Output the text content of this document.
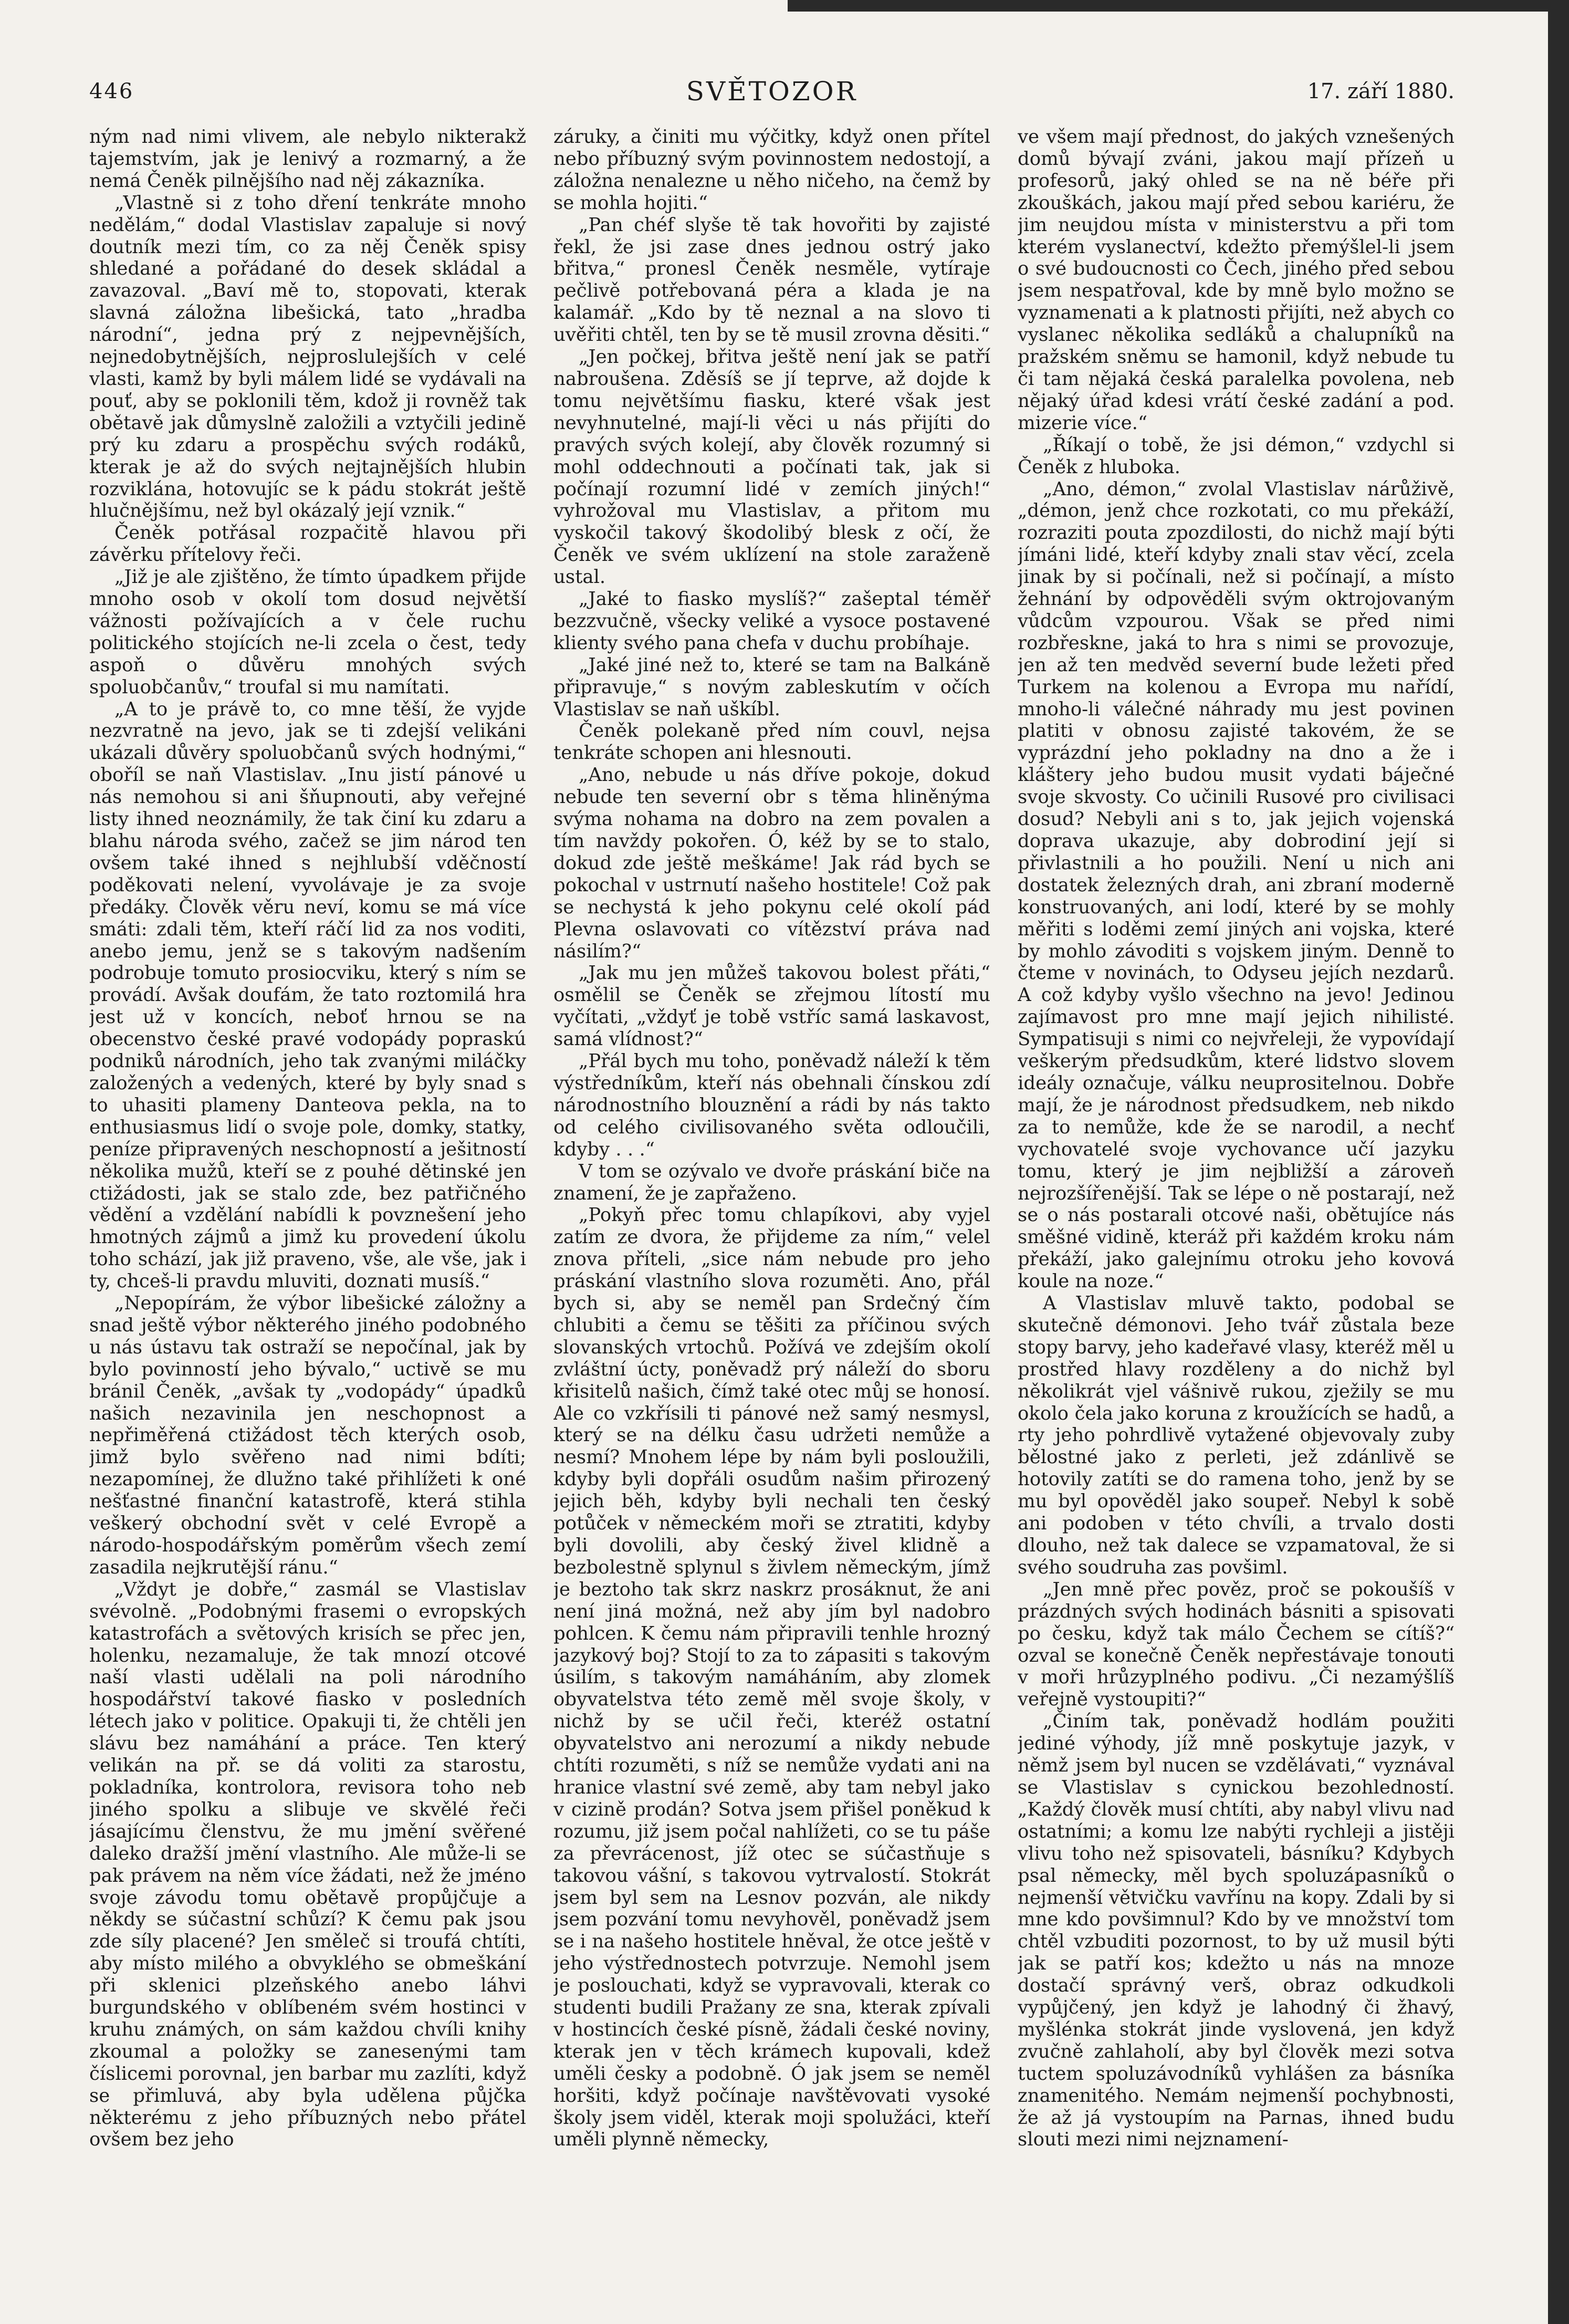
446	SVĚTOZOR	17. září 1880.

ným nad nimi vlivem, ale nebylo nikterakž tajemstvím, jak je lenivý a rozmarný, a že nemá Čeněk pilnějšího nad něj zákazníka.

„Vlastně si z toho dření tenkráte mnoho nedělám,“ dodal Vlastislav zapaluje si nový doutník mezi tím, co za něj Čeněk spisy shledané a pořádané do desek skládal a zavazoval. „Baví mě to, stopovati, kterak slavná záložna libešická, tato „hradba národní“, jedna prý z nejpevnějších, nejnedobytnějších, nejproslulejších v celé vlasti, kamž by byli málem lidé se vydávali na pouť, aby se poklonili těm, kdož ji rovněž tak obětavě jak důmyslně založili a vztyčili jedině prý ku zdaru a prospěchu svých rodáků, kterak je až do svých nejtajnějších hlubin rozviklána, hotovujíc se k pádu stokrát ještě hlučnějšímu, než byl okázalý její vznik.“

Čeněk potřásal rozpačitě hlavou při závěrku přítelovy řeči.

„Již je ale zjištěno, že tímto úpadkem přijde mnoho osob v okolí tom dosud největší vážnosti požívajících a v čele ruchu politického stojících ne-li zcela o čest, tedy aspoň o důvěru mnohých svých spoluobčanův,“ troufal si mu namítati.

„A to je právě to, co mne těší, že vyjde nezvratně na jevo, jak se ti zdejší velikáni ukázali důvěry spoluobčanů svých hodnými,“ oboříl se naň Vlastislav. „Inu jistí pánové u nás nemohou si ani šňupnouti, aby veřejné listy ihned neoznámily, že tak činí ku zdaru a blahu národa svého, začež se jim národ ten ovšem také ihned s nejhlubší vděčností poděkovati nelení, vyvolávaje je za svoje předáky. Člověk věru neví, komu se má více smáti: zdali těm, kteří ráčí lid za nos voditi, anebo jemu, jenž se s takovým nadšením podrobuje tomuto prosiocviku, který s ním se provádí. Avšak doufám, že tato roztomilá hra jest už v koncích, neboť hrnou se na obecenstvo české pravé vodopády popraskú podniků národních, jeho tak zvanými miláčky založených a vedených, které by byly snad s to uhasiti plameny Danteova pekla, na to enthusiasmus lidí o svoje pole, domky, statky, peníze připravených neschopností a ješitností několika mužů, kteří se z pouhé dětinské jen ctižádosti, jak se stalo zde, bez patřičného vědění a vzdělání nabídli k povznešení jeho hmotných zájmů a jimž ku provedení úkolu toho schází, jak již praveno, vše, ale vše, jak i ty, chceš-li pravdu mluviti, doznati musíš.“

„Nepopírám, že výbor libešické záložny a snad ještě výbor některého jiného podobného u nás ústavu tak ostraží se nepočínal, jak by bylo povinností jeho bývalo,“ uctivě se mu bránil Čeněk, „avšak ty „vodopády“ úpadků našich nezavinila jen neschopnost a nepřiměřená ctižádost těch kterých osob, jimž bylo svěřeno nad nimi bdíti; nezapomínej, že dlužno také přihlížeti k oné nešťastné finanční katastrofě, která stihla veškerý obchodní svět v celé Evropě a národo-hospodářským poměrům všech zemí zasadila nejkrutější ránu.“

„Vždyt je dobře,“ zasmál se Vlastislav svévolně. „Podobnými frasemi o evropských katastrofách a světových krisích se přec jen, holenku, nezamaluje, že tak mnozí otcové naší vlasti udělali na poli národního hospodářství takové fiasko v posledních létech jako v politice. Opakuji ti, že chtěli jen slávu bez namáhání a práce. Ten který velikán na př. se dá voliti za starostu, pokladníka, kontrolora, revisora toho neb jiného spolku a slibuje ve skvělé řeči jásajícímu členstvu, že mu jmění svěřené daleko dražší jmění vlastního. Ale může-li se pak právem na něm více žádati, než že jméno svoje závodu tomu obětavě propůjčuje a někdy se súčastní schůzí? K čemu pak jsou zde síly placené? Jen směleč si troufá chtíti, aby místo milého a obvyklého se obmeškání při sklenici plzeňského anebo láhvi burgundského v oblíbeném svém hostinci v kruhu známých, on sám každou chvíli knihy zkoumal a položky se zanesenými tam číslicemi porovnal, jen barbar mu zazlíti, když se přimluvá, aby byla udělena půjčka některému z jeho příbuzných nebo přátel ovšem bez jeho

záruky, a činiti mu výčitky, když onen přítel nebo příbuzný svým povinnostem nedostojí, a záložna nenalezne u něho ničeho, na čemž by se mohla hojiti.“

„Pan chéf slyše tě tak hovořiti by zajisté řekl, že jsi zase dnes jednou ostrý jako břitva,“ pronesl Čeněk nesměle, vytíraje pečlivě potřebovaná péra a klada je na kalamář. „Kdo by tě neznal a na slovo ti uvěřiti chtěl, ten by se tě musil zrovna děsiti.“

„Jen počkej, břitva ještě není jak se patří nabroušena. Zděsíš se jí teprve, až dojde k tomu největšímu fiasku, které však jest nevyhnutelné, mají-li věci u nás přijíti do pravých svých kolejí, aby člověk rozumný si mohl oddechnouti a počínati tak, jak si počínají rozumní lidé v zemích jiných!“ vyhrožoval mu Vlastislav, a přitom mu vyskočil takový škodolibý blesk z očí, že Čeněk ve svém uklízení na stole zaraženě ustal.

„Jaké to fiasko myslíš?“ zašeptal téměř bezzvučně, všecky veliké a vysoce postavené klienty svého pana chefa v duchu probíhaje.

„Jaké jiné než to, které se tam na Balkáně připravuje,“ s novým zableskutím v očích Vlastislav se naň uškíbl.

Čeněk polekaně před ním couvl, nejsa tenkráte schopen ani hlesnouti.

„Ano, nebude u nás dříve pokoje, dokud nebude ten severní obr s těma hliněnýma svýma nohama na dobro na zem povalen a tím navždy pokořen. Ó, kéž by se to stalo, dokud zde ještě meškáme! Jak rád bych se pokochal v ustrnutí našeho hostitele! Což pak se nechystá k jeho pokynu celé okolí pád Plevna oslavovati co vítězství práva nad násilím?“

„Jak mu jen můžeš takovou bolest přáti,“ osmělil se Čeněk se zřejmou lítostí mu vyčítati, „vždyť je tobě vstříc samá laskavost, samá vlídnost?“

„Přál bych mu toho, poněvadž náleží k těm výstředníkům, kteří nás obehnali čínskou zdí národnostního blouznění a rádi by nás takto od celého civilisovaného světa odloučili, kdyby . . .“

V tom se ozývalo ve dvoře práskání biče na znamení, že je zapřaženo.

„Pokyň přec tomu chlapíkovi, aby vyjel zatím ze dvora, že přijdeme za ním,“ velel znova příteli, „sice nám nebude pro jeho práskání vlastního slova rozuměti. Ano, přál bych si, aby se neměl pan Srdečný čím chlubiti a čemu se těšiti za příčinou svých slovanských vrtochů. Požívá ve zdejším okolí zvláštní úcty, poněvadž prý náleží do sboru křisitelů našich, čímž také otec můj se honosí. Ale co vzkřísili ti pánové než samý nesmysl, který se na délku času udržeti nemůže a nesmí? Mnohem lépe by nám byli posloužili, kdyby byli dopřáli osudům našim přirozený jejich běh, kdyby byli nechali ten český potůček v německém moři se ztratiti, kdyby byli dovolili, aby český živel klidně a bezbolestně splynul s živlem německým, jímž je beztoho tak skrz naskrz prosáknut, že ani není jiná možná, než aby jím byl nadobro pohlcen. K čemu nám připravili tenhle hrozný jazykový boj? Stojí to za to zápasiti s takovým úsilím, s takovým namáháním, aby zlomek obyvatelstva této země měl svoje školy, v nichž by se učil řeči, kteréž ostatní obyvatelstvo ani nerozumí a nikdy nebude chtíti rozuměti, s níž se nemůže vydati ani na hranice vlastní své země, aby tam nebyl jako v cizině prodán? Sotva jsem přišel poněkud k rozumu, již jsem počal nahlížeti, co se tu páše za převrácenost, jíž otec se súčastňuje s takovou vášní, s takovou vytrvalostí. Stokrát jsem byl sem na Lesnov pozván, ale nikdy jsem pozvání tomu nevyhověl, poněvadž jsem se i na našeho hostitele hněval, že otce ještě v jeho výstřednostech potvrzuje. Nemohl jsem je poslouchati, když se vypravovali, kterak co studenti budili Pražany ze sna, kterak zpívali v hostincích české písně, žádali české noviny, kterak jen v těch krámech kupovali, kdež uměli česky a podobně. Ó jak jsem se neměl horšiti, když počínaje navštěvovati vysoké školy jsem viděl, kterak moji spolužáci, kteří uměli plynně německy,

ve všem mají přednost, do jakých vznešených domů bývají zváni, jakou mají přízeň u profesorů, jaký ohled se na ně béře při zkouškách, jakou mají před sebou kariéru, že jim neujdou místa v ministerstvu a při tom kterém vyslanectví, kdežto přemýšlel-li jsem o své budoucnosti co Čech, jiného před sebou jsem nespatřoval, kde by mně bylo možno se vyznamenati a k platnosti přijíti, než abych co vyslanec několika sedláků a chalupníků na pražském sněmu se hamonil, když nebude tu či tam nějaká česká paralelka povolena, neb nějaký úřad kdesi vrátí české zadání a pod. mizerie více.“

„Říkají o tobě, že jsi démon,“ vzdychl si Čeněk z hluboka.

„Ano, démon,“ zvolal Vlastislav nárůživě, „démon, jenž chce rozkotati, co mu překáží, rozraziti pouta zpozdilosti, do nichž mají býti jímáni lidé, kteří kdyby znali stav věcí, zcela jinak by si počínali, než si počínají, a místo žehnání by odpověděli svým oktrojovaným vůdcům vzpourou. Však se před nimi rozbřeskne, jaká to hra s nimi se provozuje, jen až ten medvěd severní bude ležeti před Turkem na kolenou a Evropa mu nařídí, mnoho-li válečné náhrady mu jest povinen platiti v obnosu zajisté takovém, že se vyprázdní jeho pokladny na dno a že i kláštery jeho budou musit vydati báječné svoje skvosty. Co učinili Rusové pro civilisaci dosud? Nebyli ani s to, jak jejich vojenská doprava ukazuje, aby dobrodiní její si přivlastnili a ho použili. Není u nich ani dostatek železných drah, ani zbraní moderně konstruovaných, ani lodí, které by se mohly měřiti s loděmi zemí jiných ani vojska, které by mohlo závoditi s vojskem jiným. Denně to čteme v novinách, to Odyseu jejích nezdarů. A což kdyby vyšlo všechno na jevo! Jedinou zajímavost pro mne mají jejich nihilisté. Sympatisuji s nimi co nejvřeleji, že vypovídají veškerým předsudkům, které lidstvo slovem ideály označuje, válku neuprositelnou. Dobře mají, že je národnost předsudkem, neb nikdo za to nemůže, kde že se narodil, a nechť vychovatelé svoje vychovance učí jazyku tomu, který je jim nejbližší a zároveň nejrozšířenější. Tak se lépe o ně postarají, než se o nás postarali otcové naši, obětujíce nás směšné vidině, kteráž při každém kroku nám překáží, jako galejnímu otroku jeho kovová koule na noze.“

A Vlastislav mluvě takto, podobal se skutečně démonovi. Jeho tvář zůstala beze stopy barvy, jeho kadeřavé vlasy, kteréž měl u prostřed hlavy rozděleny a do nichž byl několikrát vjel vášnivě rukou, zježily se mu okolo čela jako koruna z kroužících se hadů, a rty jeho pohrdlivě vytažené objevovaly zuby bělostné jako z perleti, jež zdánlivě se hotovily zatíti se do ramena toho, jenž by se mu byl opověděl jako soupeř. Nebyl k sobě ani podoben v této chvíli, a trvalo dosti dlouho, než tak dalece se vzpamatoval, že si svého soudruha zas povšiml.

„Jen mně přec pověz, proč se pokoušíš v prázdných svých hodinách básniti a spisovati po česku, když tak málo Čechem se cítíš?“ ozval se konečně Čeněk nepřestávaje tonouti v moři hrůzyplného podivu. „Či nezamýšlíš veřejně vystoupiti?“

„Činím tak, poněvadž hodlám použiti jediné výhody, jíž mně poskytuje jazyk, v němž jsem byl nucen se vzdělávati,“ vyznával se Vlastislav s cynickou bezohledností. „Každý člověk musí chtíti, aby nabyl vlivu nad ostatními; a komu lze nabýti rychleji a jistěji vlivu toho než spisovateli, básníku? Kdybych psal německy, měl bych spoluzápasníků o nejmenší větvičku vavřínu na kopy. Zdali by si mne kdo povšimnul? Kdo by ve množství tom chtěl vzbuditi pozornost, to by už musil býti jak se patří kos; kdežto u nás na mnoze dostačí správný verš, obraz odkudkoli vypůjčený, jen když je lahodný či žhavý, myšlénka stokrát jinde vyslovená, jen když zvučně zahlaholí, aby byl člověk mezi sotva tuctem spoluzávodníků vyhlášen za básníka znamenitého. Nemám nejmenší pochybnosti, že až já vystoupím na Parnas, ihned budu slouti mezi nimi nejznamení-
